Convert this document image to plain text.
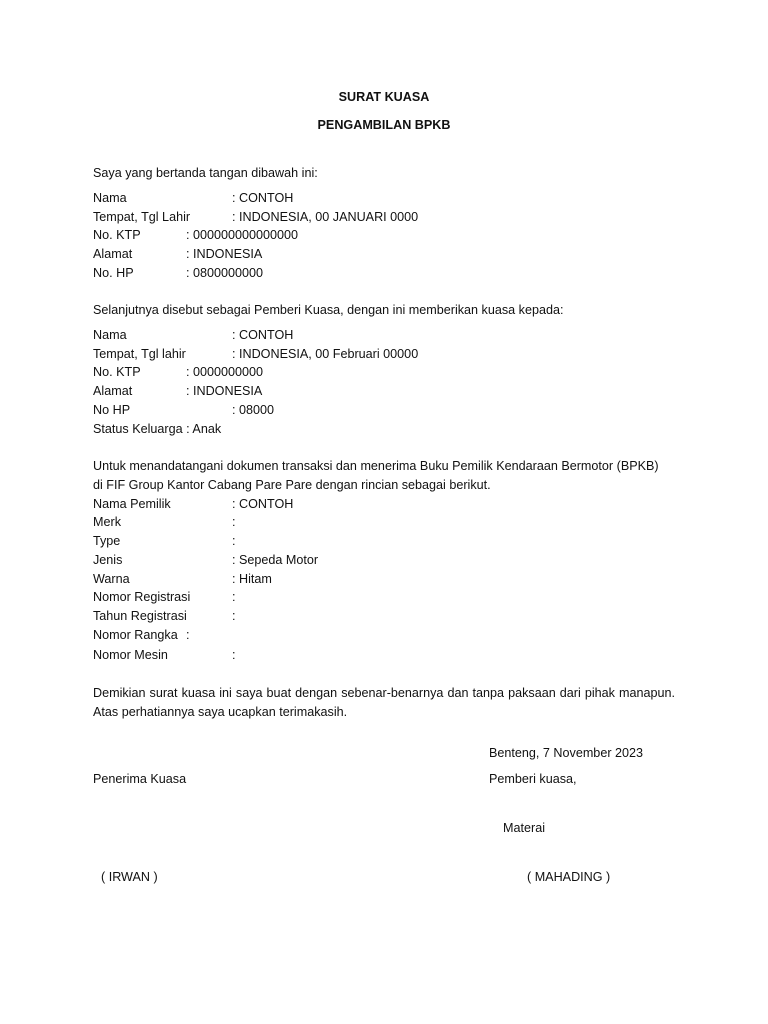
SURAT KUASA
PENGAMBILAN BPKB
Saya yang bertanda tangan dibawah ini:
Nama	: CONTOH
Tempat, Tgl Lahir	: INDONESIA, 00 JANUARI 0000
No. KTP	: 000000000000000
Alamat	: INDONESIA
No. HP	: 0800000000
Selanjutnya disebut sebagai Pemberi Kuasa, dengan ini memberikan kuasa kepada:
Nama	: CONTOH
Tempat, Tgl lahir	: INDONESIA, 00 Februari 00000
No. KTP	: 0000000000
Alamat	: INDONESIA
No HP	: 08000
Status Keluarga : Anak
Untuk menandatangani dokumen transaksi dan menerima Buku Pemilik Kendaraan Bermotor (BPKB)
di FIF Group Kantor Cabang Pare Pare dengan rincian sebagai berikut.
Nama Pemilik	: CONTOH
Merk	:
Type	:
Jenis	: Sepeda Motor
Warna	: Hitam
Nomor Registrasi	:
Tahun Registrasi	:
Nomor Rangka :
Nomor Mesin	:
Demikian surat kuasa ini saya buat dengan sebenar-benarnya dan tanpa paksaan dari pihak manapun. Atas perhatiannya saya ucapkan terimakasih.
Benteng, 7 November 2023
Penerima Kuasa	Pemberi kuasa,
Materai
( IRWAN )	( MAHADING )
